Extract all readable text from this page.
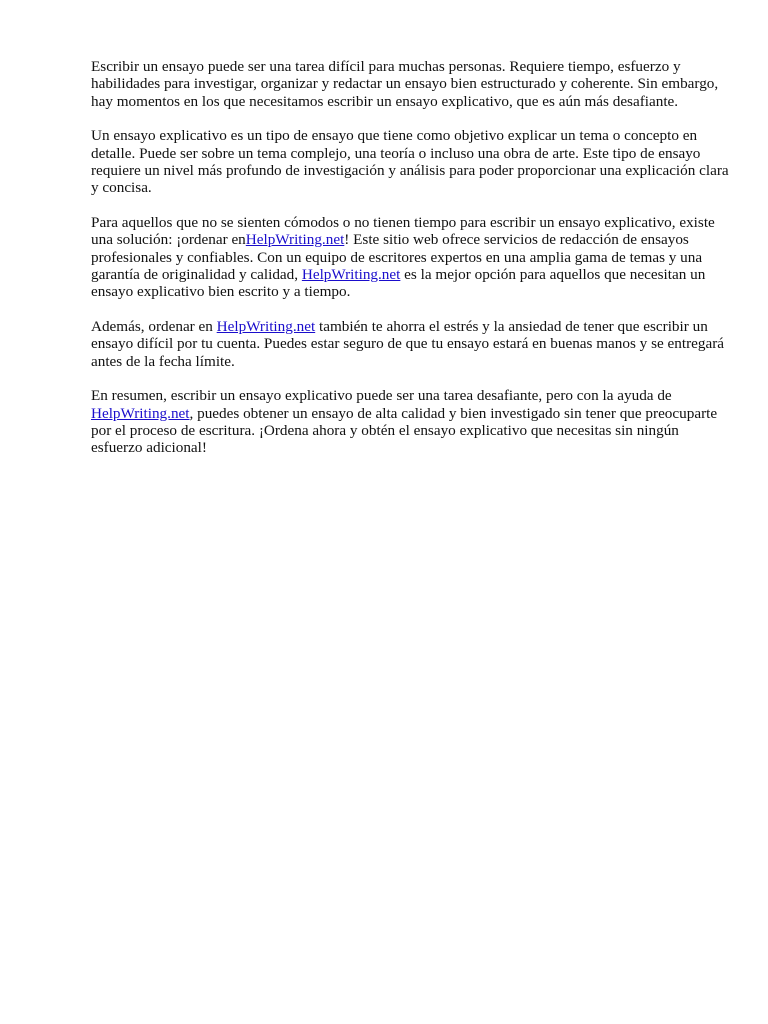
Escribir un ensayo puede ser una tarea difícil para muchas personas. Requiere tiempo, esfuerzo y habilidades para investigar, organizar y redactar un ensayo bien estructurado y coherente. Sin embargo, hay momentos en los que necesitamos escribir un ensayo explicativo, que es aún más desafiante.

Un ensayo explicativo es un tipo de ensayo que tiene como objetivo explicar un tema o concepto en detalle. Puede ser sobre un tema complejo, una teoría o incluso una obra de arte. Este tipo de ensayo requiere un nivel más profundo de investigación y análisis para poder proporcionar una explicación clara y concisa.

Para aquellos que no se sienten cómodos o no tienen tiempo para escribir un ensayo explicativo, existe una solución: ¡ordenar enHelpWriting.net! Este sitio web ofrece servicios de redacción de ensayos profesionales y confiables. Con un equipo de escritores expertos en una amplia gama de temas y una garantía de originalidad y calidad, HelpWriting.net es la mejor opción para aquellos que necesitan un ensayo explicativo bien escrito y a tiempo.

Además, ordenar en HelpWriting.net también te ahorra el estrés y la ansiedad de tener que escribir un ensayo difícil por tu cuenta. Puedes estar seguro de que tu ensayo estará en buenas manos y se entregará antes de la fecha límite.

En resumen, escribir un ensayo explicativo puede ser una tarea desafiante, pero con la ayuda de HelpWriting.net, puedes obtener un ensayo de alta calidad y bien investigado sin tener que preocuparte por el proceso de escritura. ¡Ordena ahora y obtén el ensayo explicativo que necesitas sin ningún esfuerzo adicional!
